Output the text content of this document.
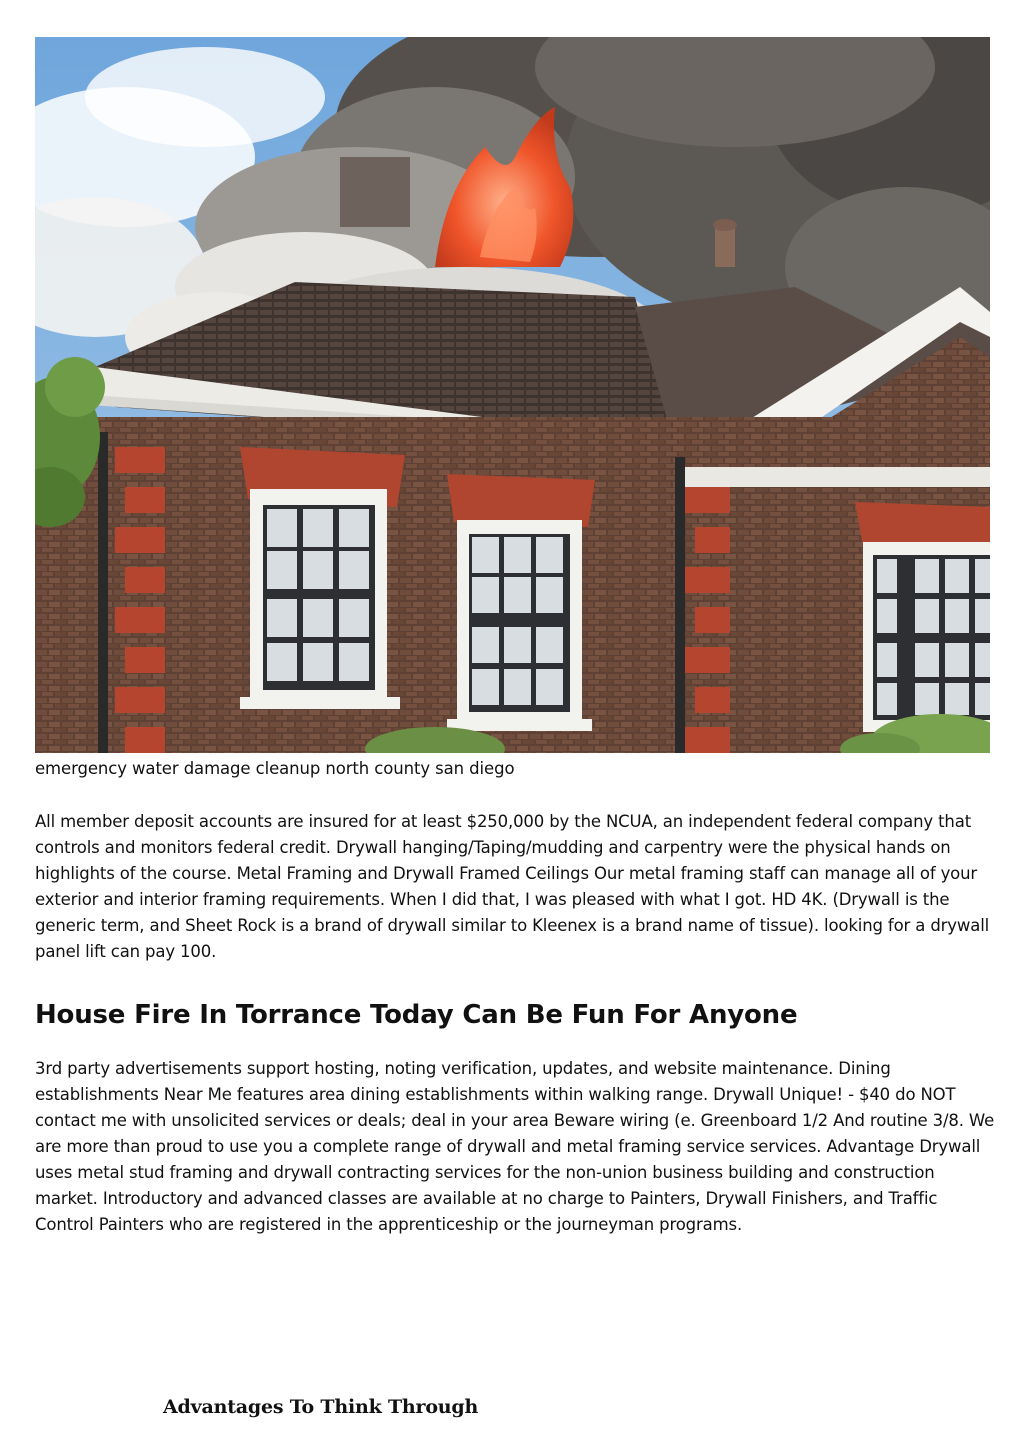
emergency water damage cleanup north county san diego

All member deposit accounts are insured for at least $250,000 by the NCUA, an independent federal company that controls and monitors federal credit. Drywall hanging/Taping/mudding and carpentry were the physical hands on highlights of the course. Metal Framing and Drywall Framed Ceilings Our metal framing staff can manage all of your exterior and interior framing requirements. When I did that, I was pleased with what I got. HD 4K. (Drywall is the generic term, and Sheet Rock is a brand of drywall similar to Kleenex is a brand name of tissue). looking for a drywall panel lift can pay 100.

House Fire In Torrance Today Can Be Fun For Anyone

3rd party advertisements support hosting, noting verification, updates, and website maintenance. Dining establishments Near Me features area dining establishments within walking range. Drywall Unique! - $40 do NOT contact me with unsolicited services or deals; deal in your area Beware wiring (e. Greenboard 1/2 And routine 3/8. We are more than proud to use you a complete range of drywall and metal framing service services. Advantage Drywall uses metal stud framing and drywall contracting services for the non-union business building and construction market. Introductory and advanced classes are available at no charge to Painters, Drywall Finishers, and Traffic Control Painters who are registered in the apprenticeship or the journeyman programs.

Advantages To Think Through
